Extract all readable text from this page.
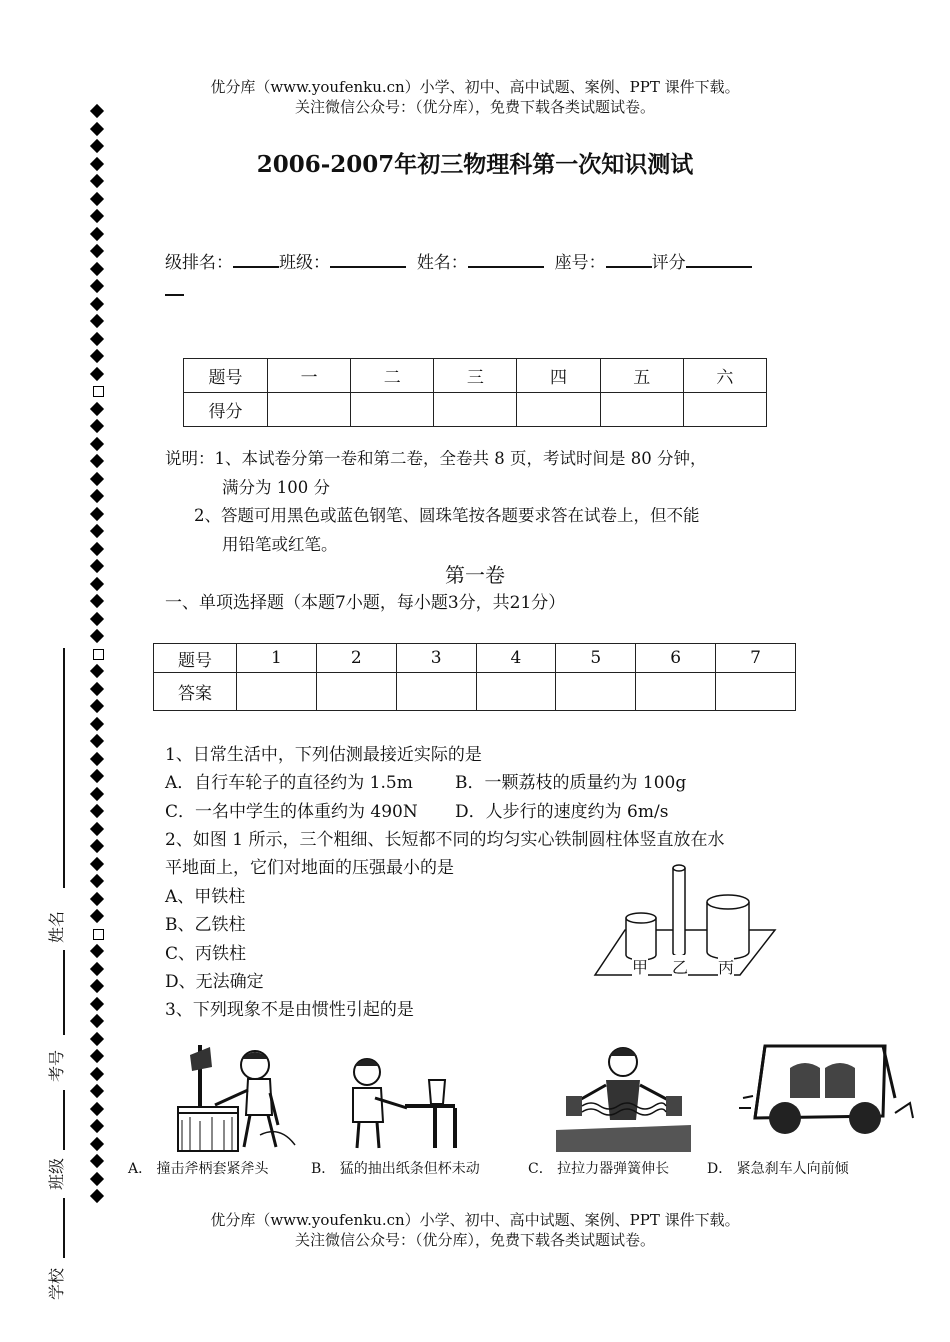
优分库（www.youfenku.cn）小学、初中、高中试题、案例、PPT 课件下载。
关注微信公众号：（优分库），免费下载各类试题试卷。
2006-2007年初三物理科第一次知识测试
级排名：	班级：	姓名：	座号：	评分
题号	一	二	三	四	五	六
得分						
说明：1、本试卷分第一卷和第二卷，全卷共 8 页，考试时间是 80 分钟，
满分为 100 分
2、答题可用黑色或蓝色钢笔、圆珠笔按各题要求答在试卷上，但不能
用铅笔或红笔。
第一卷
一、单项选择题（本题7小题，每小题3分，共21分）
题号	1	2	3	4	5	6	7
答案							
1、日常生活中，下列估测最接近实际的是
A．自行车轮子的直径约为 1.5m B．一颗荔枝的质量约为 100g
C．一名中学生的体重约为 490N D．人步行的速度约为 6m/s
2、如图 1 所示，三个粗细、长短都不同的均匀实心铁制圆柱体竖直放在水
平地面上，它们对地面的压强最小的是
A、甲铁柱
B、乙铁柱
C、丙铁柱
D、无法确定
甲 乙 丙
3、下列现象不是由惯性引起的是
A． 撞击斧柄套紧斧头	B． 猛的抽出纸条但杯未动	C． 拉拉力器弹簧伸长	D． 紧急刹车人向前倾
优分库（www.youfenku.cn）小学、初中、高中试题、案例、PPT 课件下载。
关注微信公众号：（优分库），免费下载各类试题试卷。
姓名
考号
班级
学校
